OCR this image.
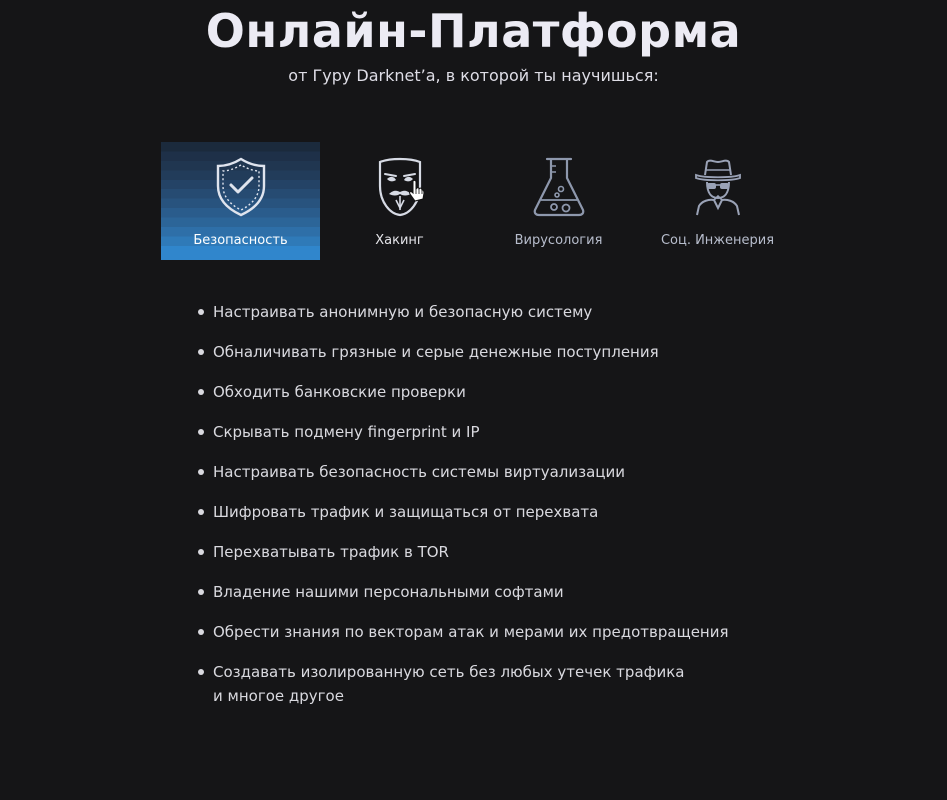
Онлайн-Платформа
от Гуру Darknet’a, в которой ты научишься:
Безопасность	Хакинг	Вирусология	Соц. Инженерия
Настраивать анонимную и безопасную систему
Обналичивать грязные и серые денежные поступления
Обходить банковские проверки
Скрывать подмену fingerprint и IP
Настраивать безопасность системы виртуализации
Шифровать трафик и защищаться от перехвата
Перехватывать трафик в TOR
Владение нашими персональными софтами
Обрести знания по векторам атак и мерами их предотвращения
Создавать изолированную сеть без любых утечек трафика
и многое другое
